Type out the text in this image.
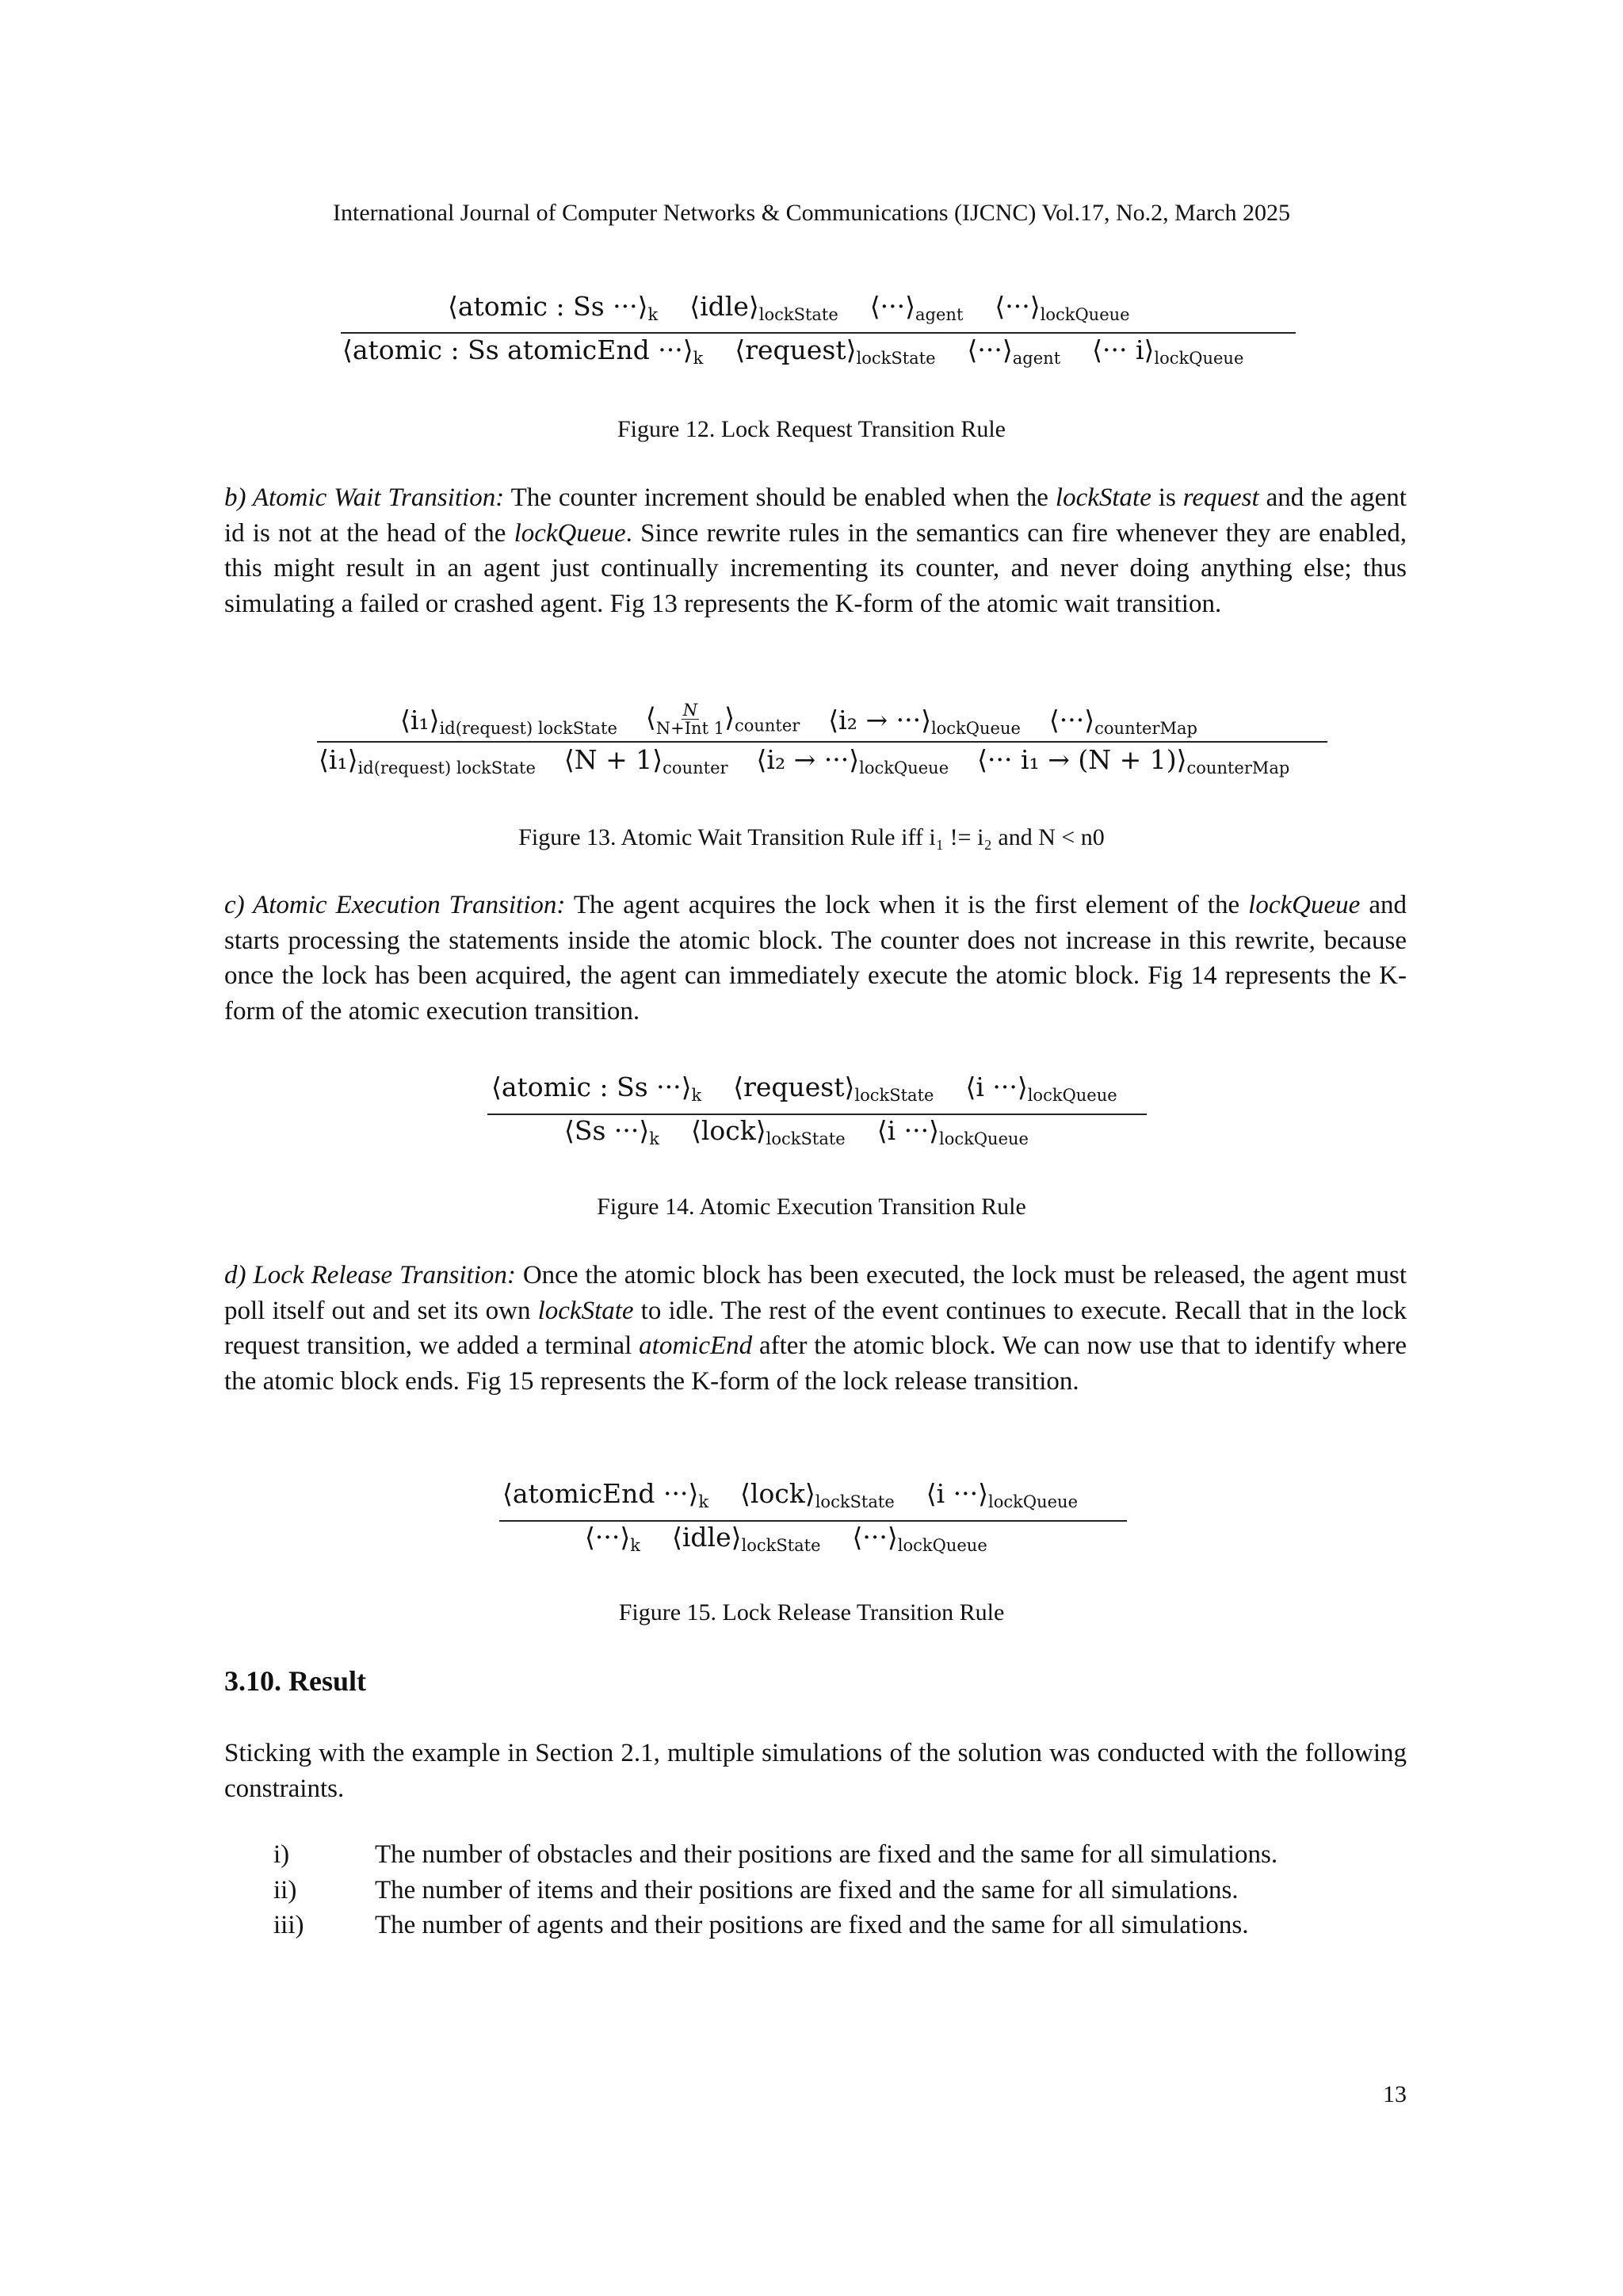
International Journal of Computer Networks & Communications (IJCNC) Vol.17, No.2, March 2025
⟨atomic : $Ss \cdot\cdot\cdot⟩_k$ $⟨idle⟩_{lockState}$ $⟨\cdot\cdot\cdot⟩_{agent}$ $⟨\cdot\cdot\cdot⟩_{lockQueue}$
⟨atomic : Ss atomicEnd $\cdot\cdot\cdot⟩_k$ $⟨request⟩_{lockState}$ $⟨\cdot\cdot\cdot⟩_{agent}$ ⟨··· $i⟩_{lockQueue}$
Figure 12. Lock Request Transition Rule
b) Atomic Wait Transition: The counter increment should be enabled when the lockState is request and the agent id is not at the head of the lockQueue. Since rewrite rules in the semantics can fire whenever they are enabled, this might result in an agent just continually incrementing its counter, and never doing anything else; thus simulating a failed or crashed agent. Fig 13 represents the K-form of the atomic wait transition.
$⟨i_1⟩_{id(request) lockState}$ ⟨ $\frac{N}{\text{N+Int 1}}$ $⟩_{counter}$ ⟨i₂ → $\cdot\cdot\cdot⟩_{lockQueue}$ $⟨\cdot\cdot\cdot⟩_{counterMap}$
$⟨i_1⟩_{id(request) lockState}$ ⟨N + $1⟩_{counter}$ ⟨i₂ → $\cdot\cdot\cdot⟩_{lockQueue}$ ⟨··· $i_1 \to (N + 1)⟩_{counterMap}$
Figure 13. Atomic Wait Transition Rule iff i₁ != i₂ and N < n0
c) Atomic Execution Transition: The agent acquires the lock when it is the first element of the lockQueue and starts processing the statements inside the atomic block. The counter does not increase in this rewrite, because once the lock has been acquired, the agent can immediately execute the atomic block. Fig 14 represents the K-form of the atomic execution transition.
⟨atomic : $Ss \cdot\cdot\cdot⟩_k$ $⟨request⟩_{lockState}$ ⟨i $\cdot\cdot\cdot⟩_{lockQueue}$
⟨Ss $\cdot\cdot\cdot⟩_k$ $⟨lock⟩_{lockState}$ ⟨i $\cdot\cdot\cdot⟩_{lockQueue}$
Figure 14. Atomic Execution Transition Rule
d) Lock Release Transition: Once the atomic block has been executed, the lock must be released, the agent must poll itself out and set its own lockState to idle. The rest of the event continues to execute. Recall that in the lock request transition, we added a terminal atomicEnd after the atomic block. We can now use that to identify where the atomic block ends. Fig 15 represents the K-form of the lock release transition.
⟨atomicEnd $\cdot\cdot\cdot⟩_k$ $⟨lock⟩_{lockState}$ ⟨i $\cdot\cdot\cdot⟩_{lockQueue}$
$⟨\cdot\cdot\cdot⟩_k$ $⟨idle⟩_{lockState}$ $⟨\cdot\cdot\cdot⟩_{lockQueue}$
Figure 15. Lock Release Transition Rule
3.10. Result
Sticking with the example in Section 2.1, multiple simulations of the solution was conducted with the following constraints.
i)	The number of obstacles and their positions are fixed and the same for all simulations.
ii)	The number of items and their positions are fixed and the same for all simulations.
iii)	The number of agents and their positions are fixed and the same for all simulations.
13
